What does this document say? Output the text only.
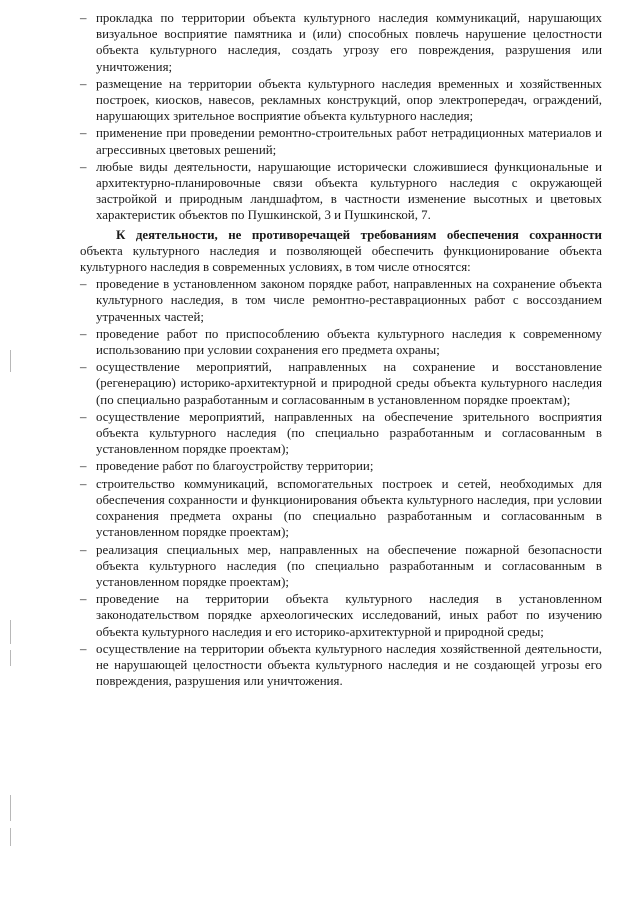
– прокладка по территории объекта культурного наследия коммуникаций, нарушающих визуальное восприятие памятника и (или) способных повлечь нарушение целостности объекта культурного наследия, создать угрозу его повреждения, разрушения или уничтожения;
– размещение на территории объекта культурного наследия временных и хозяйственных построек, киосков, навесов, рекламных конструкций, опор электропередач, ограждений, нарушающих зрительное восприятие объекта культурного наследия;
– применение при проведении ремонтно-строительных работ нетрадиционных материалов и агрессивных цветовых решений;
– любые виды деятельности, нарушающие исторически сложившиеся функциональные и архитектурно-планировочные связи объекта культурного наследия с окружающей застройкой и природным ландшафтом, в частности изменение высотных и цветовых характеристик объектов по Пушкинской, 3 и Пушкинской, 7.

К деятельности, не противоречащей требованиям обеспечения сохранности объекта культурного наследия и позволяющей обеспечить функционирование объекта культурного наследия в современных условиях, в том числе относятся:

– проведение в установленном законом порядке работ, направленных на сохранение объекта культурного наследия, в том числе ремонтно-реставрационных работ с воссозданием утраченных частей;
– проведение работ по приспособлению объекта культурного наследия к современному использованию при условии сохранения его предмета охраны;
– осуществление мероприятий, направленных на сохранение и восстановление (регенерацию) историко-архитектурной и природной среды объекта культурного наследия (по специально разработанным и согласованным в установленном порядке проектам);
– осуществление мероприятий, направленных на обеспечение зрительного восприятия объекта культурного наследия (по специально разработанным и согласованным в установленном порядке проектам);
– проведение работ по благоустройству территории;
– строительство коммуникаций, вспомогательных построек и сетей, необходимых для обеспечения сохранности и функционирования объекта культурного наследия, при условии сохранения предмета охраны (по специально разработанным и согласованным в установленном порядке проектам);
– реализация специальных мер, направленных на обеспечение пожарной безопасности объекта культурного наследия (по специально разработанным и согласованным в установленном порядке проектам);
– проведение на территории объекта культурного наследия в установленном законодательством порядке археологических исследований, иных работ по изучению объекта культурного наследия и его историко-архитектурной и природной среды;
– осуществление на территории объекта культурного наследия хозяйственной деятельности, не нарушающей целостности объекта культурного наследия и не создающей угрозы его повреждения, разрушения или уничтожения.
